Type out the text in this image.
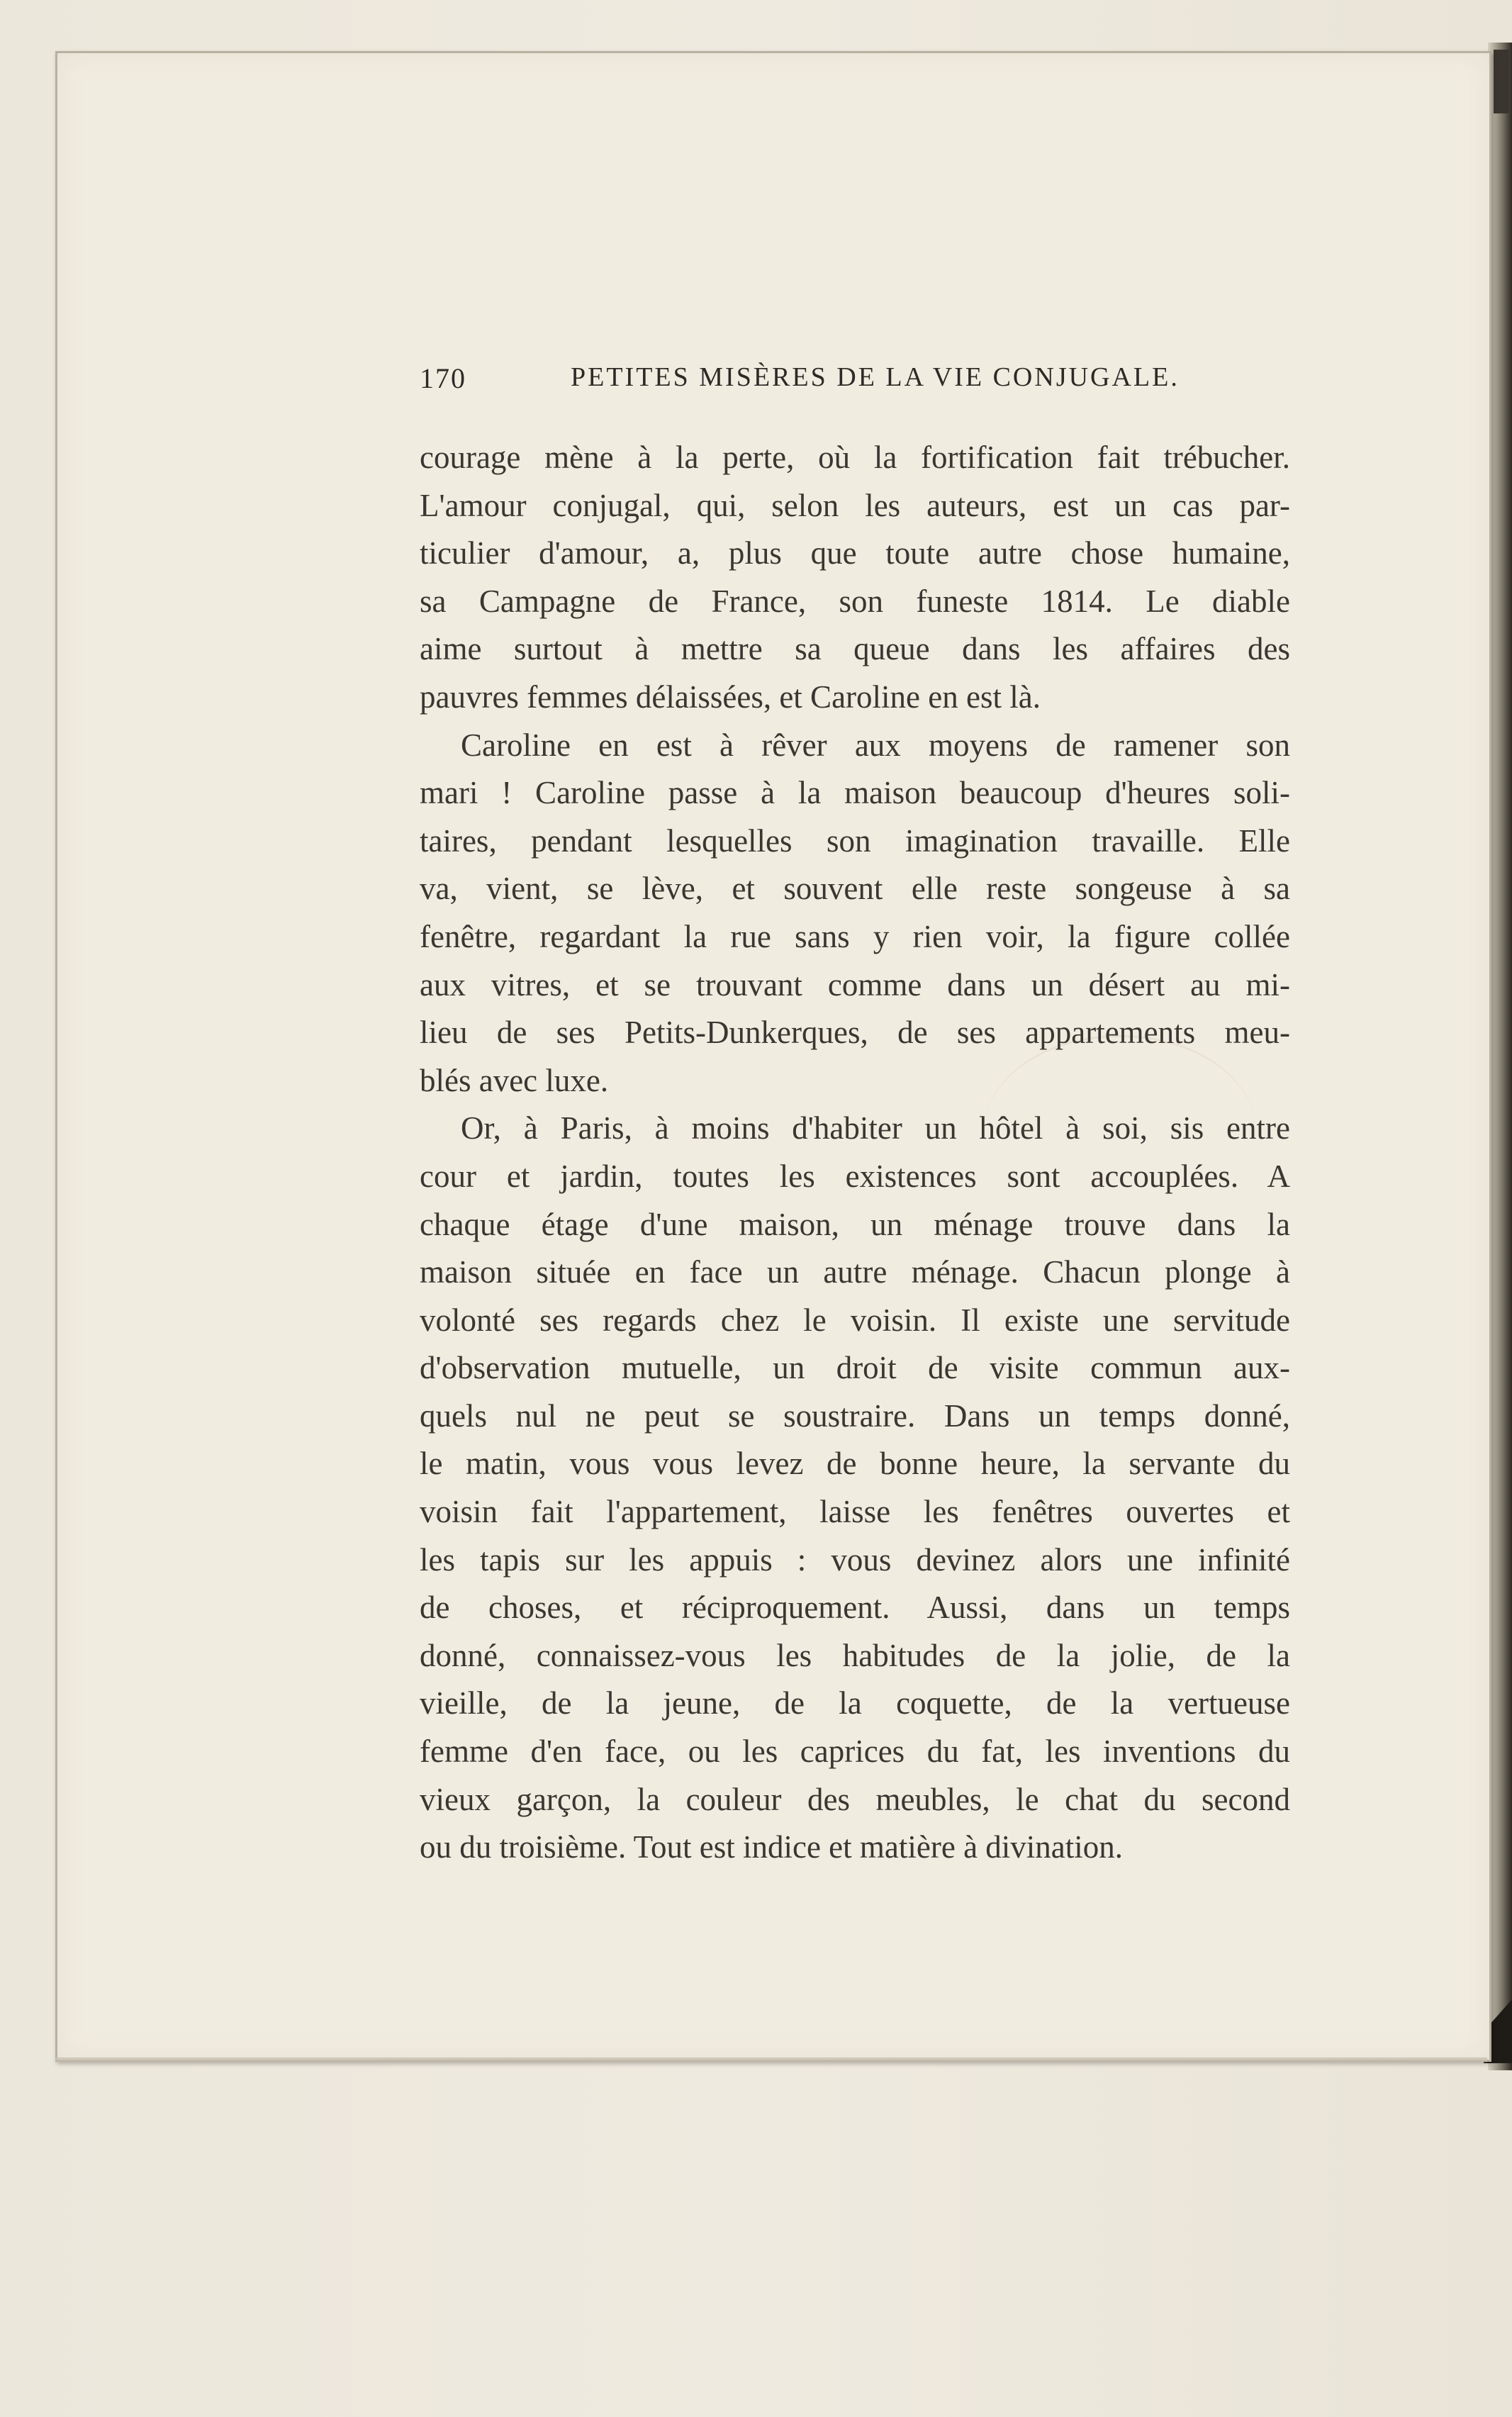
170	PETITES MISÈRES DE LA VIE CONJUGALE.
courage mène à la perte, où la fortification fait trébucher.
L'amour conjugal, qui, selon les auteurs, est un cas par-
ticulier d'amour, a, plus que toute autre chose humaine,
sa Campagne de France, son funeste 1814. Le diable
aime surtout à mettre sa queue dans les affaires des
pauvres femmes délaissées, et Caroline en est là.
Caroline en est à rêver aux moyens de ramener son
mari ! Caroline passe à la maison beaucoup d'heures soli-
taires, pendant lesquelles son imagination travaille. Elle
va, vient, se lève, et souvent elle reste songeuse à sa
fenêtre, regardant la rue sans y rien voir, la figure collée
aux vitres, et se trouvant comme dans un désert au mi-
lieu de ses Petits-Dunkerques, de ses appartements meu-
blés avec luxe.
Or, à Paris, à moins d'habiter un hôtel à soi, sis entre
cour et jardin, toutes les existences sont accouplées. A
chaque étage d'une maison, un ménage trouve dans la
maison située en face un autre ménage. Chacun plonge à
volonté ses regards chez le voisin. Il existe une servitude
d'observation mutuelle, un droit de visite commun aux-
quels nul ne peut se soustraire. Dans un temps donné,
le matin, vous vous levez de bonne heure, la servante du
voisin fait l'appartement, laisse les fenêtres ouvertes et
les tapis sur les appuis : vous devinez alors une infinité
de choses, et réciproquement. Aussi, dans un temps
donné, connaissez-vous les habitudes de la jolie, de la
vieille, de la jeune, de la coquette, de la vertueuse
femme d'en face, ou les caprices du fat, les inventions du
vieux garçon, la couleur des meubles, le chat du second
ou du troisième. Tout est indice et matière à divination.
